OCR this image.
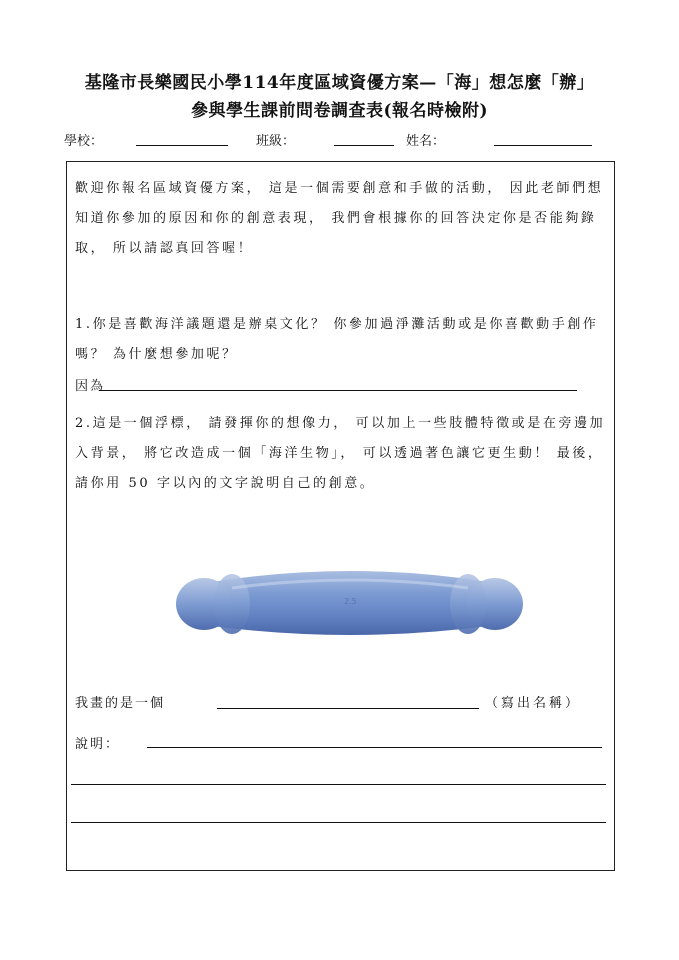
基隆市長樂國民小學114年度區域資優方案—「海」想怎麼「辦」
參與學生課前問卷調查表(報名時檢附)
學校：	班級：	姓名：
歡迎你報名區域資優方案， 這是一個需要創意和手做的活動， 因此老師們想知道你參加的原因和你的創意表現， 我們會根據你的回答決定你是否能夠錄取， 所以請認真回答喔！
1.你是喜歡海洋議題還是辦桌文化？ 你參加過淨灘活動或是你喜歡動手創作嗎？ 為什麼想參加呢？
因為
2.這是一個浮標， 請發揮你的想像力， 可以加上一些肢體特徵或是在旁邊加入背景， 將它改造成一個「海洋生物」， 可以透過著色讓它更生動！ 最後， 請你用 50 字以內的文字說明自己的創意。
2.5
我畫的是一個	（寫出名稱）
說明：
